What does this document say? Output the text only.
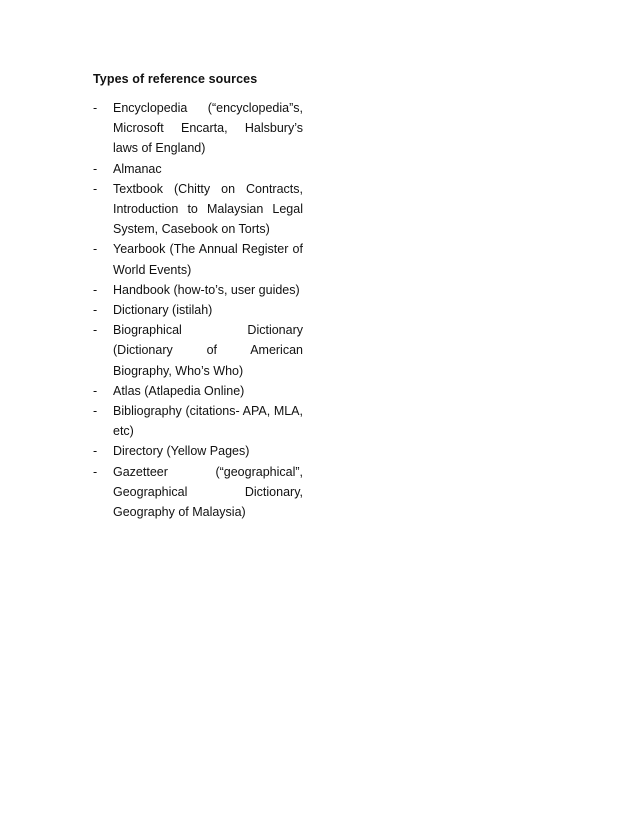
Types of reference sources
- Encyclopedia (“encyclopedia”s, Microsoft Encarta, Halsbury’s laws of England)
- Almanac
- Textbook (Chitty on Contracts, Introduction to Malaysian Legal System, Casebook on Torts)
- Yearbook (The Annual Register of World Events)
- Handbook (how-to’s, user guides)
- Dictionary (istilah)
- Biographical Dictionary (Dictionary of American Biography, Who’s Who)
- Atlas (Atlapedia Online)
- Bibliography (citations- APA, MLA, etc)
- Directory (Yellow Pages)
- Gazetteer (“geographical”, Geographical Dictionary, Geography of Malaysia)
